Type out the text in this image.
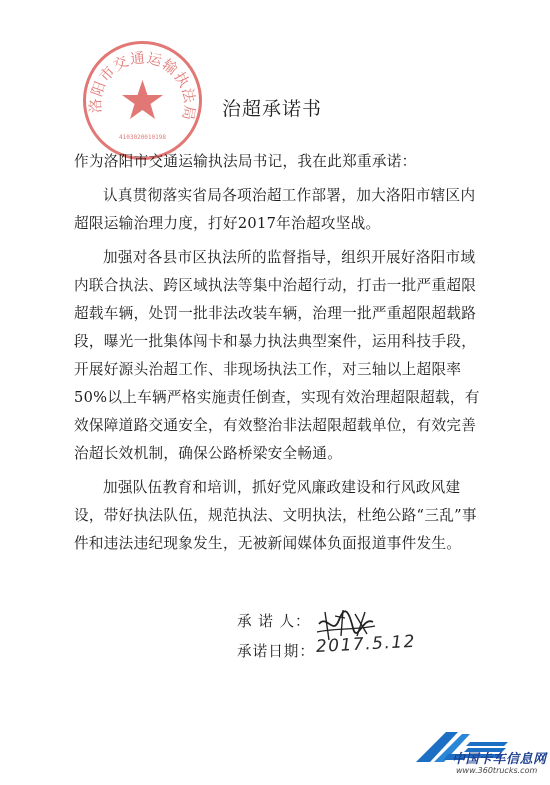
洛阳市交通运输执法局
4103020010198
治超承诺书

作为洛阳市交通运输执法局书记，我在此郑重承诺：

认真贯彻落实省局各项治超工作部署，加大洛阳市辖区内超限运输治理力度，打好2017年治超攻坚战。

加强对各县市区执法所的监督指导，组织开展好洛阳市域内联合执法、跨区域执法等集中治超行动，打击一批严重超限超载车辆，处罚一批非法改装车辆，治理一批严重超限超载路段，曝光一批集体闯卡和暴力执法典型案件，运用科技手段，开展好源头治超工作、非现场执法工作，对三轴以上超限率50%以上车辆严格实施责任倒查，实现有效治理超限超载，有效保障道路交通安全，有效整治非法超限超载单位，有效完善治超长效机制，确保公路桥梁安全畅通。

加强队伍教育和培训，抓好党风廉政建设和行风政风建设，带好执法队伍，规范执法、文明执法，杜绝公路“三乱”事件和违法违纪现象发生，无被新闻媒体负面报道事件发生。

承 诺 人：
承诺日期： 2017.5.12
中国卡车信息网
www.360trucks.com
